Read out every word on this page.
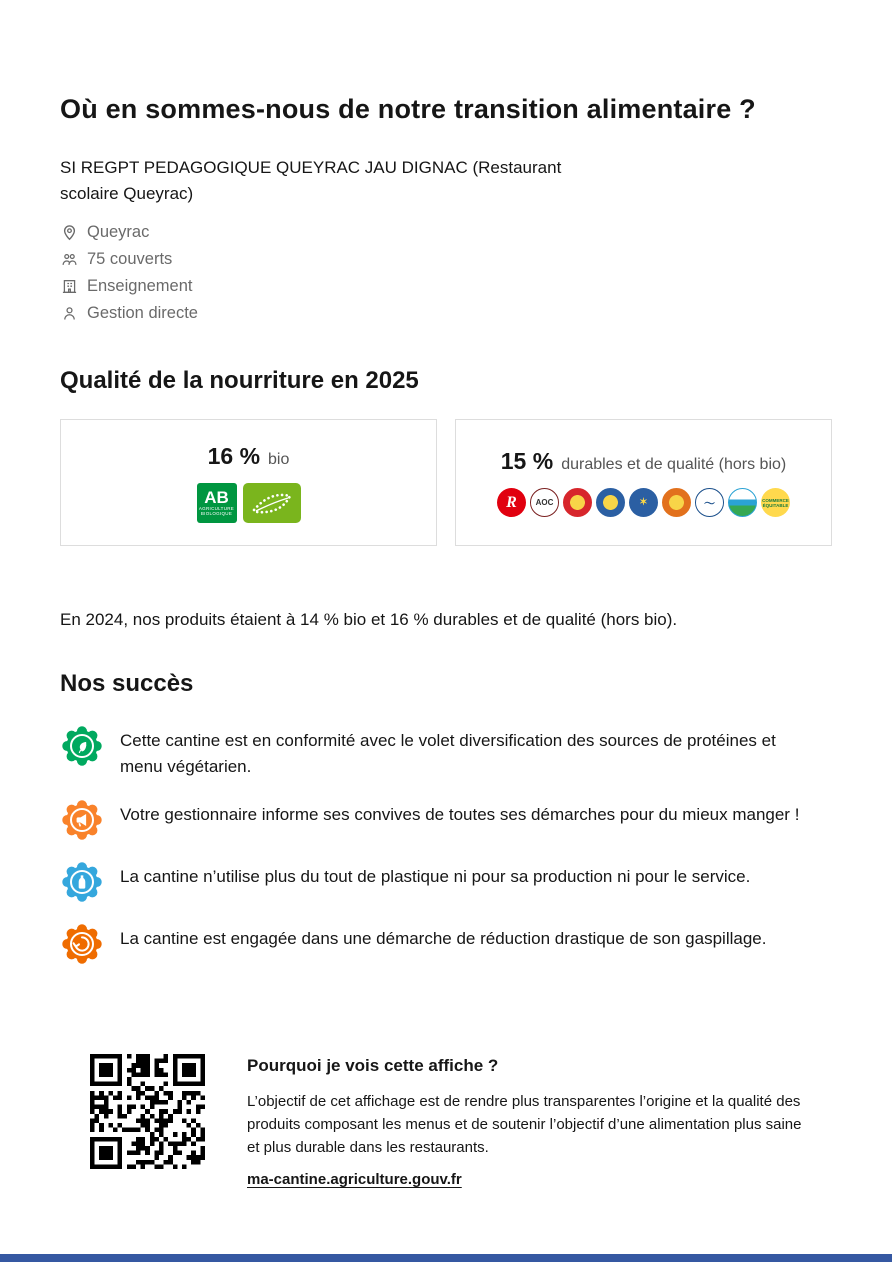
Où en sommes-nous de notre transition alimentaire ?

SI REGPT PEDAGOGIQUE QUEYRAC JAU DIGNAC (Restaurant scolaire Queyrac)

Queyrac
75 couverts
Enseignement
Gestion directe
Qualité de la nourriture en 2025
16 % bio
AB
AGRICULTURE BIOLOGIQUE
15 % durables et de qualité (hors bio)
R	AOC	✶	〜	COMMERCE ÉQUITABLE

En 2024, nos produits étaient à 14 % bio et 16 % durables et de qualité (hors bio).

Nos succès

Cette cantine est en conformité avec le volet diversification des sources de protéines et menu végétarien.

Votre gestionnaire informe ses convives de toutes ses démarches pour du mieux manger !

La cantine n’utilise plus du tout de plastique ni pour sa production ni pour le service.

La cantine est engagée dans une démarche de réduction drastique de son gaspillage.

Pourquoi je vois cette affiche ?

L’objectif de cet affichage est de rendre plus transparentes l’origine et la qualité des produits composant les menus et de soutenir l’objectif d’une alimentation plus saine et plus durable dans les restaurants.

ma-cantine.agriculture.gouv.fr
